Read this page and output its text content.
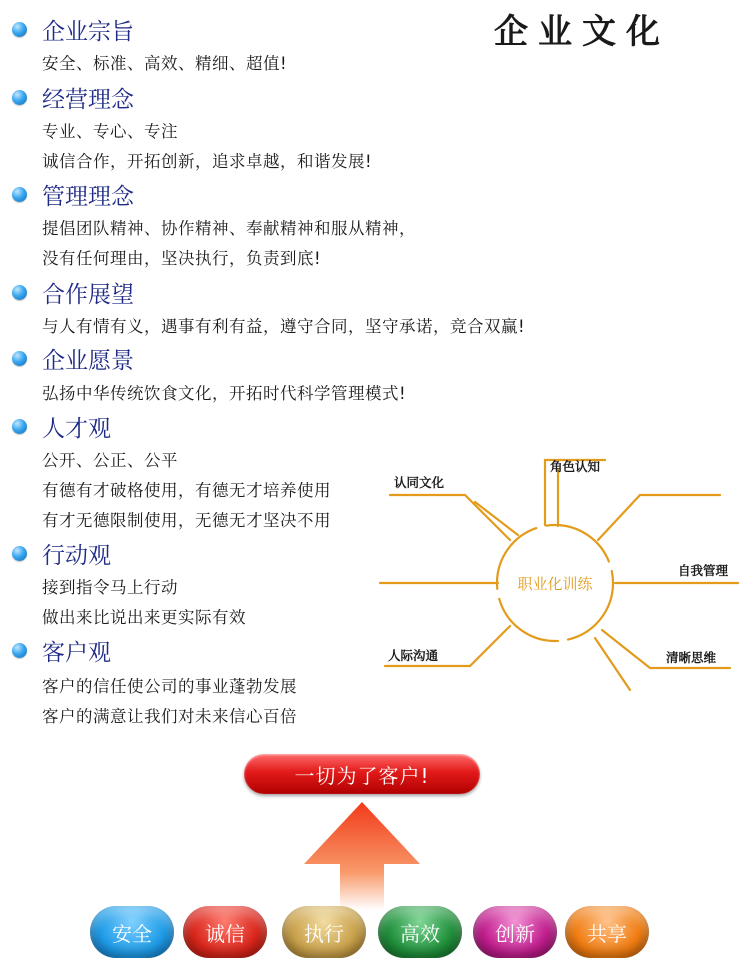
企业文化
企业宗旨
安全、标准、高效、精细、超值!
经营理念
专业、专心、专注
诚信合作，开拓创新，追求卓越，和谐发展!
管理理念
提倡团队精神、协作精神、奉献精神和服从精神，
没有任何理由，坚决执行，负责到底!
合作展望
与人有情有义，遇事有利有益，遵守合同，坚守承诺，竞合双赢!
企业愿景
弘扬中华传统饮食文化，开拓时代科学管理模式!
人才观
公开、公正、公平
有德有才破格使用，有德无才培养使用
有才无德限制使用，无德无才坚决不用
行动观
接到指令马上行动
做出来比说出来更实际有效
客户观
客户的信任使公司的事业蓬勃发展
客户的满意让我们对未来信心百倍
职业化训练
认同文化
角色认知
自我管理
清晰思维
人际沟通
一切为了客户!
安全	诚信	执行	高效	创新	共享
